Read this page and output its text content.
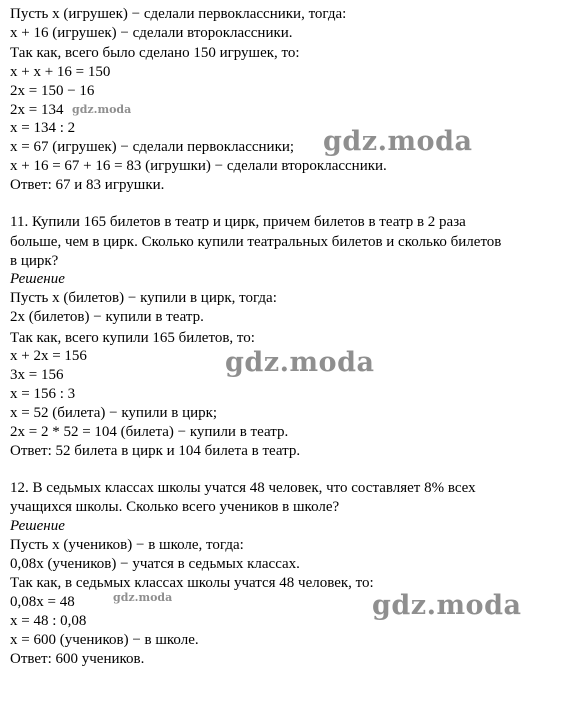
Пусть x (игрушек) − сделали первоклассники, тогда:
x + 16 (игрушек) − сделали второклассники.
Так как, всего было сделано 150 игрушек, то:
x + x + 16 = 150
2x = 150 − 16
2x = 134
x = 134 : 2
x = 67 (игрушек) − сделали первоклассники;
x + 16 = 67 + 16 = 83 (игрушки) − сделали второклассники.
Ответ: 67 и 83 игрушки.
11. Купили 165 билетов в театр и цирк, причем билетов в театр в 2 раза
больше, чем в цирк. Сколько купили театральных билетов и сколько билетов
в цирк?
Решение
Пусть x (билетов) − купили в цирк, тогда:
2x (билетов) − купили в театр.
Так как, всего купили 165 билетов, то:
x + 2x = 156
3x = 156
x = 156 : 3
x = 52 (билета) − купили в цирк;
2x = 2 * 52 = 104 (билета) − купили в театр.
Ответ: 52 билета в цирк и 104 билета в театр.
12. В седьмых классах школы учатся 48 человек, что составляет 8% всех
учащихся школы. Сколько всего учеников в школе?
Решение
Пусть x (учеников) − в школе, тогда:
0,08x (учеников) − учатся в седьмых классах.
Так как, в седьмых классах школы учатся 48 человек, то:
0,08x = 48
x = 48 : 0,08
x = 600 (учеников) − в школе.
Ответ: 600 учеников.
gdz.moda
gdz.moda
gdz.moda
gdz.moda	gdz.moda
